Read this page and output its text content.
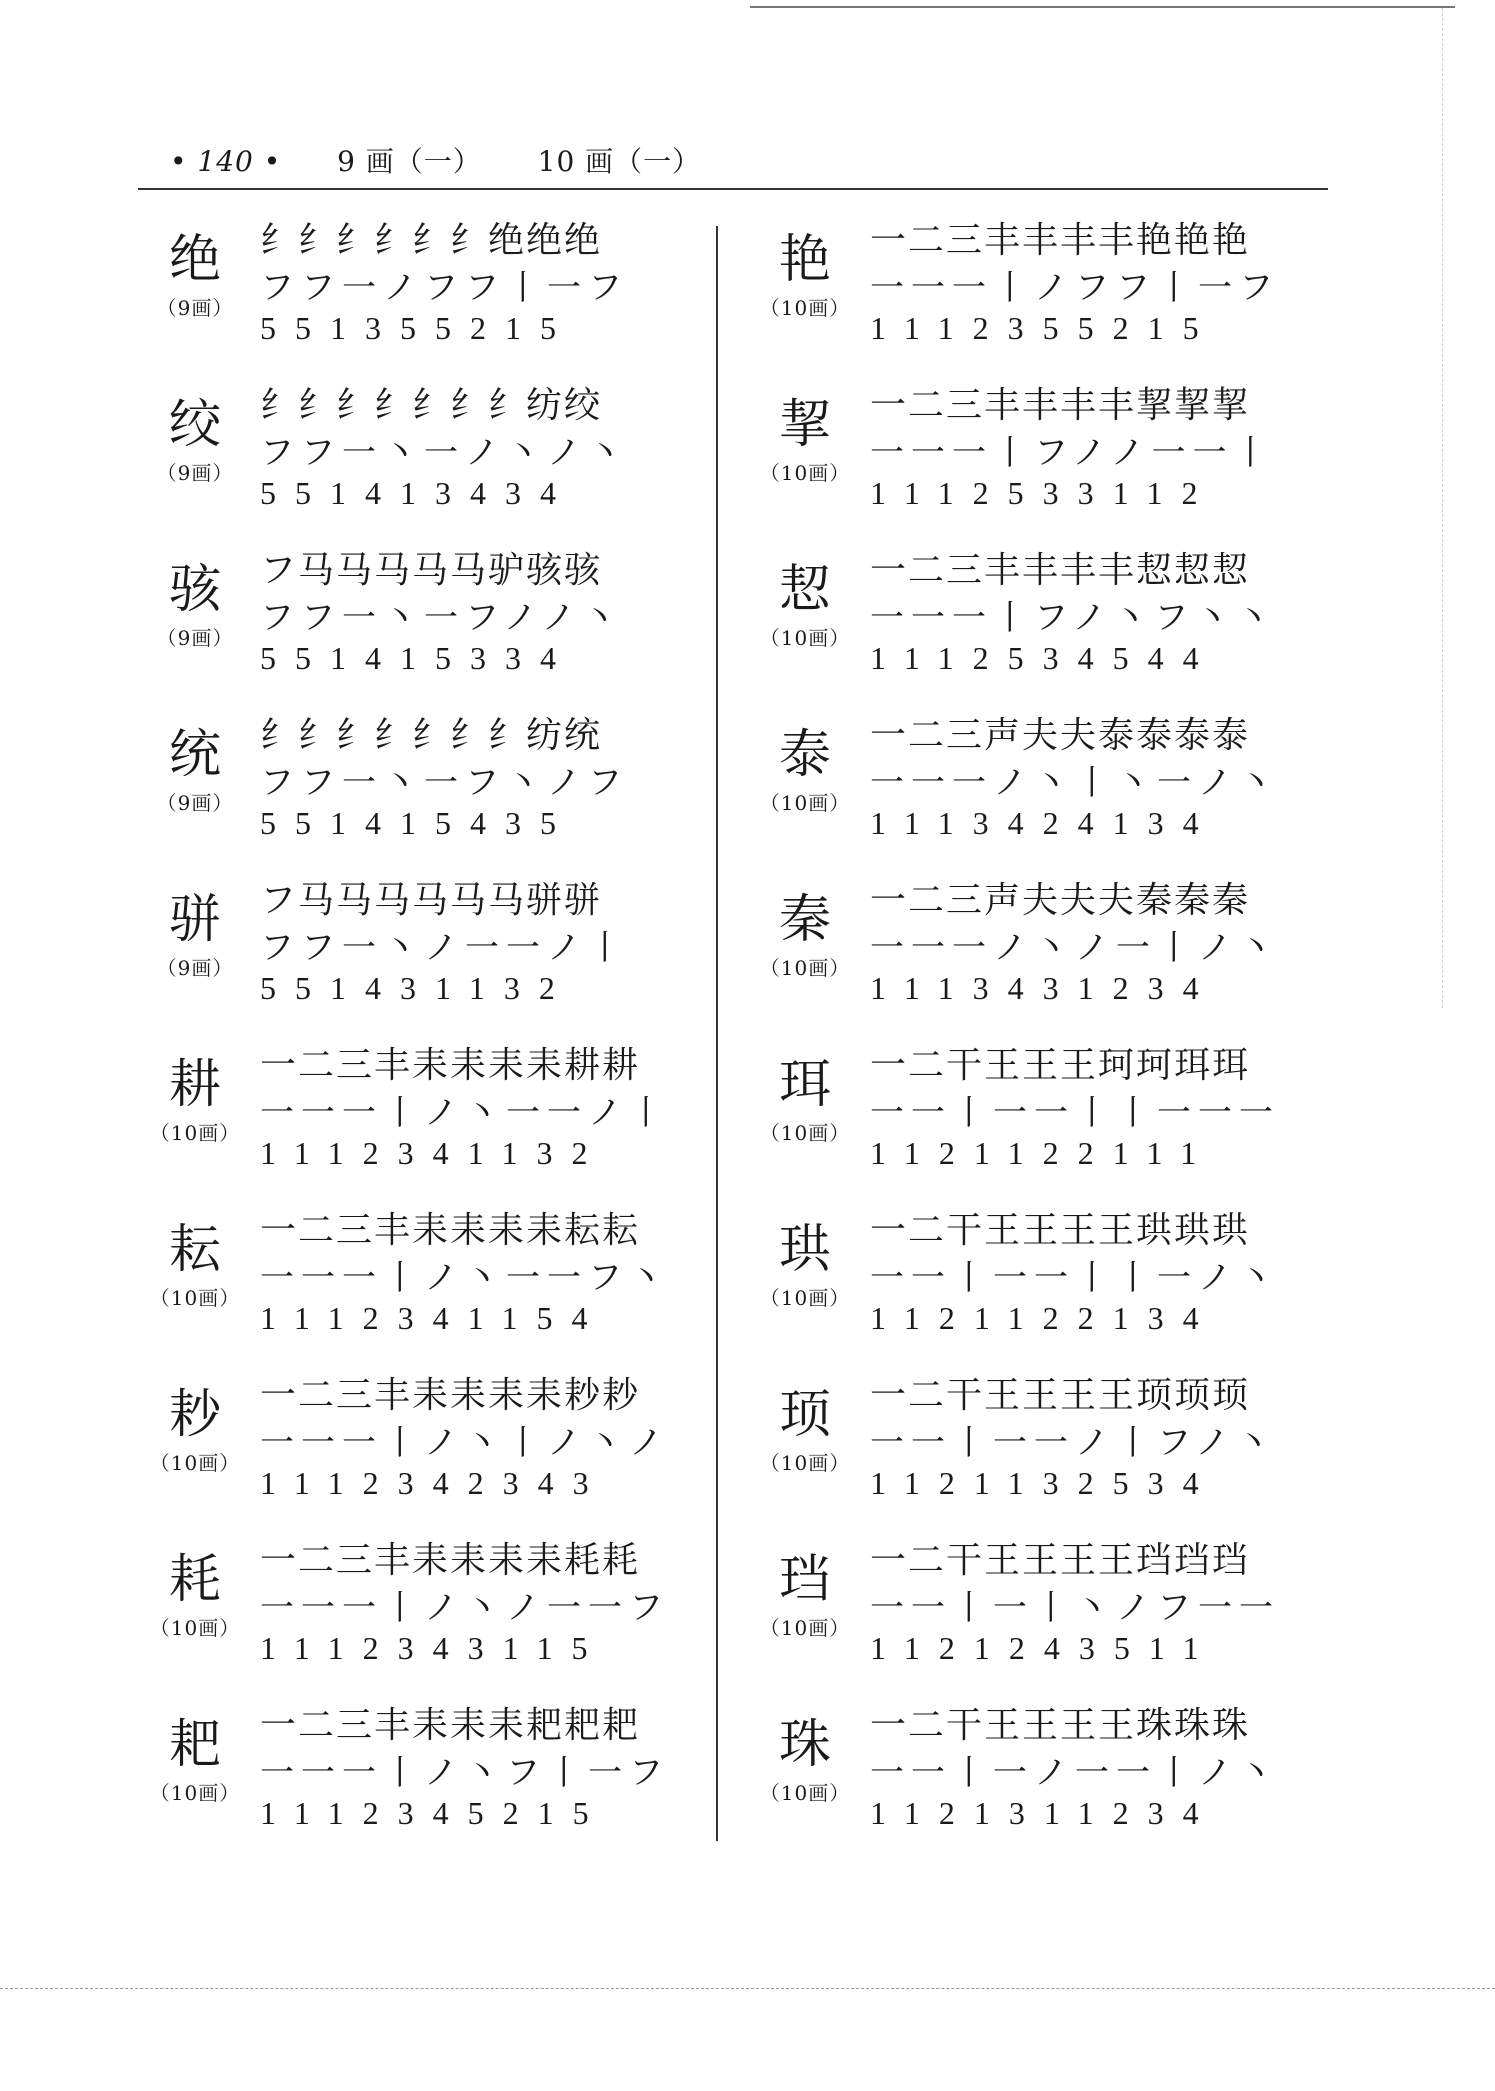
• 140 • 9 画（一） 10 画（一）
绝
（9画）
纟纟纟纟纟纟绝绝绝
フフ一ノフフ丨一フ
551355215
绞
（9画）
纟纟纟纟纟纟纟纺绞
フフ一丶一ノ丶ノ丶
551413434
骇
（9画）
フ马马马马马驴骇骇
フフ一丶一フノノ丶
551415334
统
（9画）
纟纟纟纟纟纟纟纺统
フフ一丶一フ丶ノフ
551415435
骈
（9画）
フ马马马马马马骈骈
フフ一丶ノ一一ノ丨
551431132
耕
（10画）
一二三丰耒耒耒耒耕耕
一一一丨ノ丶一一ノ丨
1112341132
耘
（10画）
一二三丰耒耒耒耒耘耘
一一一丨ノ丶一一フ丶
1112341154
耖
（10画）
一二三丰耒耒耒耒耖耖
一一一丨ノ丶丨ノ丶ノ
1112342343
耗
（10画）
一二三丰耒耒耒耒耗耗
一一一丨ノ丶ノ一一フ
1112343115
耙
（10画）
一二三丰耒耒耒耙耙耙
一一一丨ノ丶フ丨一フ
1112345215
艳
（10画）
一二三丰丰丰丰艳艳艳
一一一丨ノフフ丨一フ
1112355215
挈
（10画）
一二三丰丰丰丰挈挈挈
一一一丨フノノ一一丨
1112533112
恝
（10画）
一二三丰丰丰丰恝恝恝
一一一丨フノ丶フ丶丶
1112534544
泰
（10画）
一二三声夫夫泰泰泰泰
一一一ノ丶丨丶一ノ丶
1113424134
秦
（10画）
一二三声夫夫夫秦秦秦
一一一ノ丶ノ一丨ノ丶
1113431234
珥
（10画）
一二干王王王珂珂珥珥
一一丨一一丨丨一一一
1121122111
珙
（10画）
一二干王王王王珙珙珙
一一丨一一丨丨一ノ丶
1121122134
顼
（10画）
一二干王王王王顼顼顼
一一丨一一ノ丨フノ丶
1121132534
珰
（10画）
一二干王王王王珰珰珰
一一丨一丨丶ノフ一一
1121243511
珠
（10画）
一二干王王王王珠珠珠
一一丨一ノ一一丨ノ丶
1121311234
